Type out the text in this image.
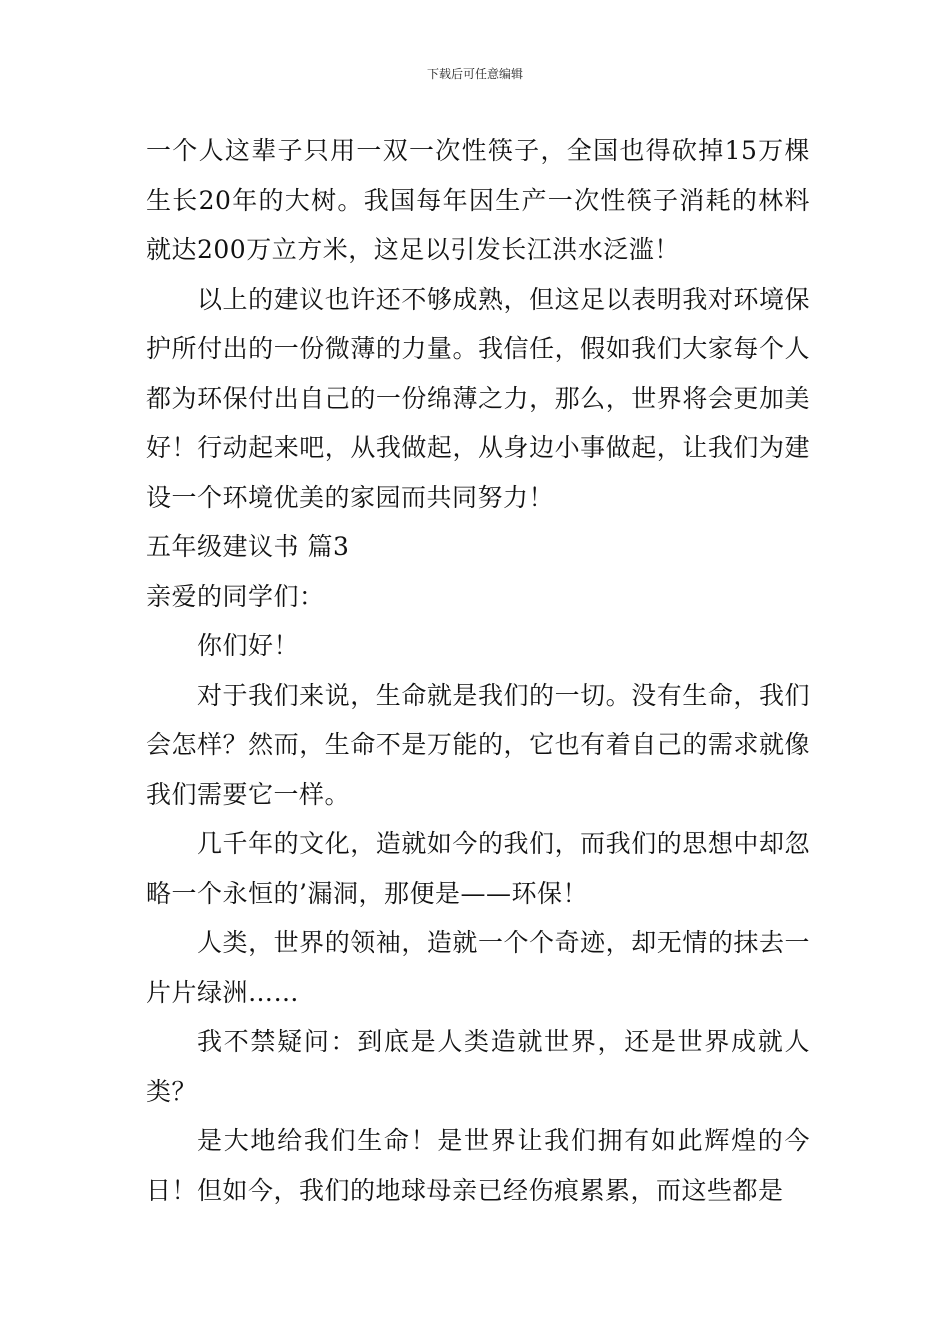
下载后可任意编辑

一个人这辈子只用一双一次性筷子，全国也得砍掉15万棵生长20年的大树。我国每年因生产一次性筷子消耗的林料就达200万立方米，这足以引发长江洪水泛滥！

以上的建议也许还不够成熟，但这足以表明我对环境保护所付出的一份微薄的力量。我信任，假如我们大家每个人都为环保付出自己的一份绵薄之力，那么，世界将会更加美好！行动起来吧，从我做起，从身边小事做起，让我们为建设一个环境优美的家园而共同努力！

五年级建议书 篇3

亲爱的同学们：

你们好！

对于我们来说，生命就是我们的一切。没有生命，我们会怎样？然而，生命不是万能的，它也有着自己的需求就像我们需要它一样。

几千年的文化，造就如今的我们，而我们的思想中却忽略一个永恒的’漏洞，那便是——环保！

人类，世界的领袖，造就一个个奇迹，却无情的抹去一片片绿洲……

我不禁疑问：到底是人类造就世界，还是世界成就人类？

是大地给我们生命！是世界让我们拥有如此辉煌的今日！但如今，我们的地球母亲已经伤痕累累，而这些都是
